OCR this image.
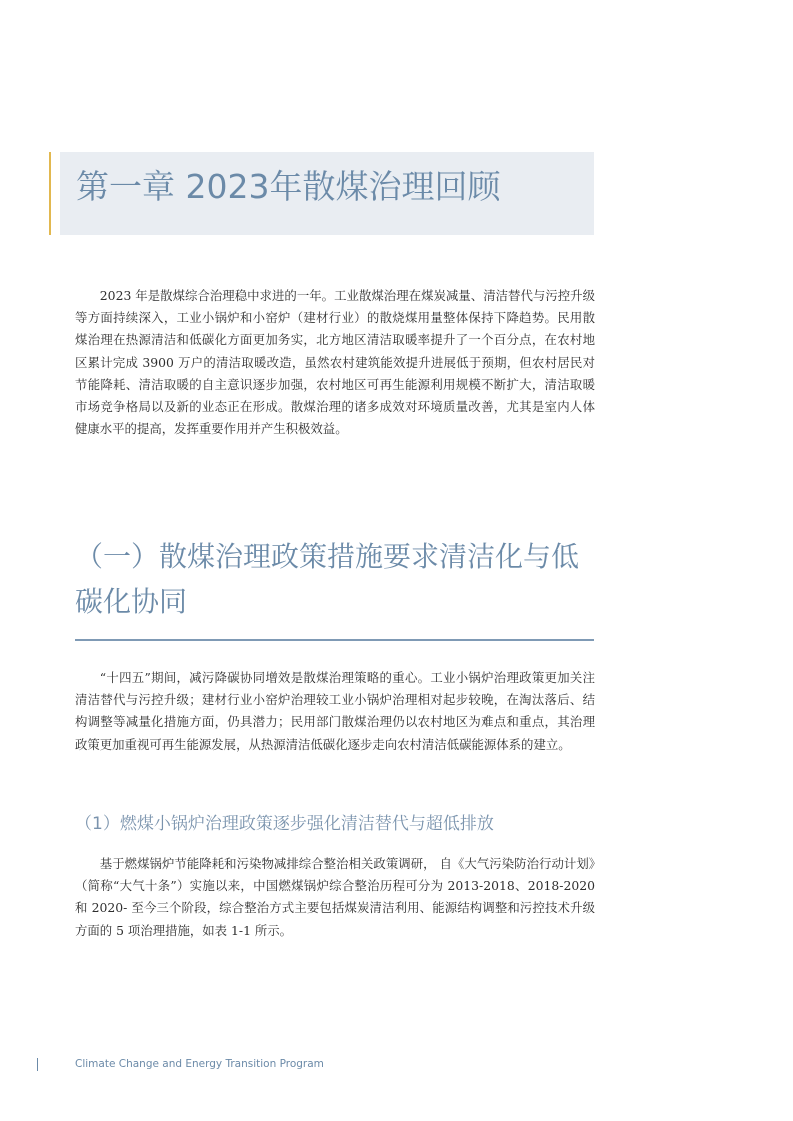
第一章 2023年散煤治理回顾

2023 年是散煤综合治理稳中求进的一年。工业散煤治理在煤炭减量、清洁替代与污控升级等方面持续深入，工业小锅炉和小窑炉（建材行业）的散烧煤用量整体保持下降趋势。民用散煤治理在热源清洁和低碳化方面更加务实，北方地区清洁取暖率提升了一个百分点，在农村地区累计完成 3900 万户的清洁取暖改造，虽然农村建筑能效提升进展低于预期，但农村居民对节能降耗、清洁取暖的自主意识逐步加强，农村地区可再生能源利用规模不断扩大，清洁取暖市场竞争格局以及新的业态正在形成。散煤治理的诸多成效对环境质量改善，尤其是室内人体健康水平的提高，发挥重要作用并产生积极效益。

（一）散煤治理政策措施要求清洁化与低碳化协同

“十四五”期间，减污降碳协同增效是散煤治理策略的重心。工业小锅炉治理政策更加关注清洁替代与污控升级；建材行业小窑炉治理较工业小锅炉治理相对起步较晚，在淘汰落后、结构调整等减量化措施方面，仍具潜力；民用部门散煤治理仍以农村地区为难点和重点，其治理政策更加重视可再生能源发展，从热源清洁低碳化逐步走向农村清洁低碳能源体系的建立。

（1）燃煤小锅炉治理政策逐步强化清洁替代与超低排放

基于燃煤锅炉节能降耗和污染物减排综合整治相关政策调研， 自《大气污染防治行动计划》（简称“大气十条”）实施以来，中国燃煤锅炉综合整治历程可分为 2013-2018、2018-2020 和 2020- 至今三个阶段，综合整治方式主要包括煤炭清洁利用、能源结构调整和污控技术升级方面的 5 项治理措施，如表 1-1 所示。

Climate Change and Energy Transition Program
